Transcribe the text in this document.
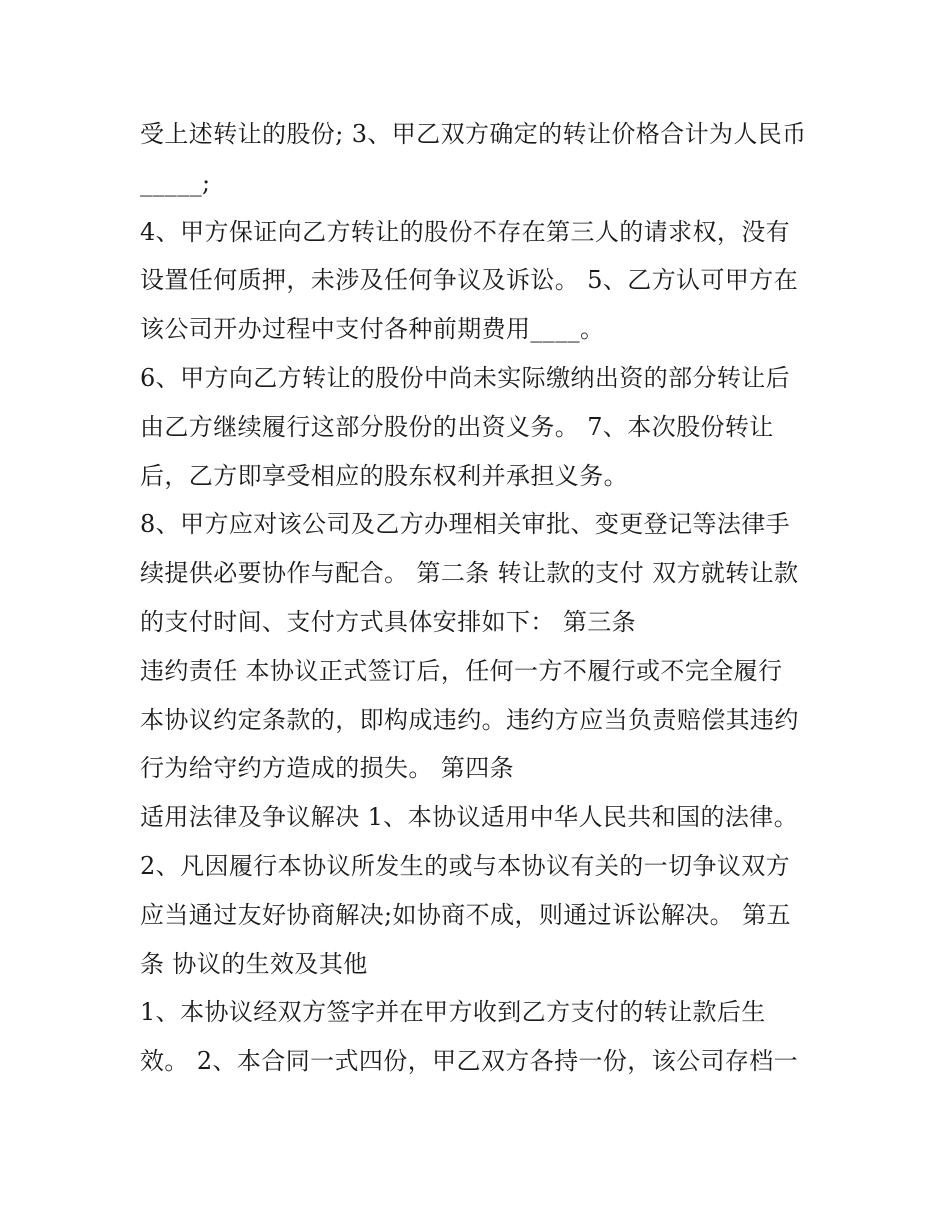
受上述转让的股份; 3、甲乙双方确定的转让价格合计为人民币
_____;
4、甲方保证向乙方转让的股份不存在第三人的请求权，没有
设置任何质押，未涉及任何争议及诉讼。 5、乙方认可甲方在
该公司开办过程中支付各种前期费用____。
6、甲方向乙方转让的股份中尚未实际缴纳出资的部分转让后
由乙方继续履行这部分股份的出资义务。 7、本次股份转让
后，乙方即享受相应的股东权利并承担义务。
8、甲方应对该公司及乙方办理相关审批、变更登记等法律手
续提供必要协作与配合。 第二条 转让款的支付 双方就转让款
的支付时间、支付方式具体安排如下： 第三条
违约责任 本协议正式签订后，任何一方不履行或不完全履行
本协议约定条款的，即构成违约。违约方应当负责赔偿其违约
行为给守约方造成的损失。 第四条
适用法律及争议解决 1、本协议适用中华人民共和国的法律。
2、凡因履行本协议所发生的或与本协议有关的一切争议双方
应当通过友好协商解决;如协商不成，则通过诉讼解决。 第五
条 协议的生效及其他
1、本协议经双方签字并在甲方收到乙方支付的转让款后生
效。 2、本合同一式四份，甲乙双方各持一份，该公司存档一
